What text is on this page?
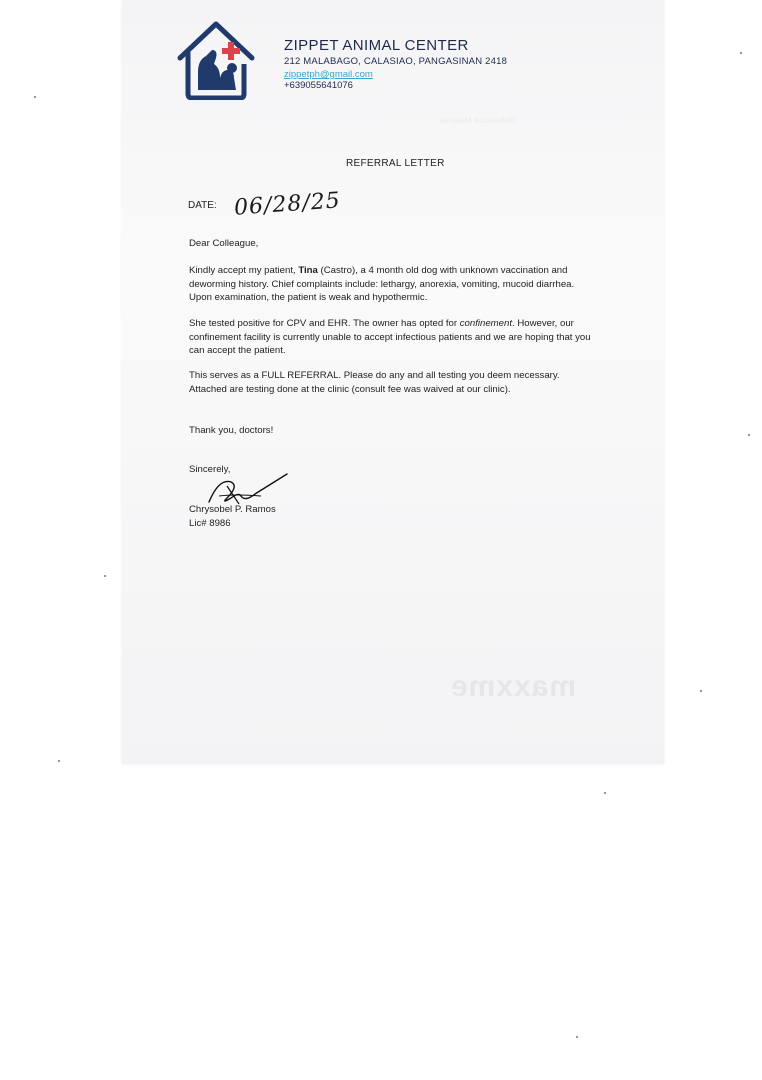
Reference Material
maxxme
ZIPPET ANIMAL CENTER
212 MALABAGO, CALASIAO, PANGASINAN 2418
zippetph@gmail.com
+639055641076
REFERRAL LETTER
DATE: 06/28/25
Dear Colleague,
Kindly accept my patient, Tina (Castro), a 4 month old dog with unknown vaccination and deworming history. Chief complaints include: lethargy, anorexia, vomiting, mucoid diarrhea. Upon examination, the patient is weak and hypothermic.
She tested positive for CPV and EHR. The owner has opted for confinement. However, our confinement facility is currently unable to accept infectious patients and we are hoping that you can accept the patient.
This serves as a FULL REFERRAL. Please do any and all testing you deem necessary. Attached are testing done at the clinic (consult fee was waived at our clinic).
Thank you, doctors!
Sincerely,
Chrysobel P. Ramos
Lic# 8986
